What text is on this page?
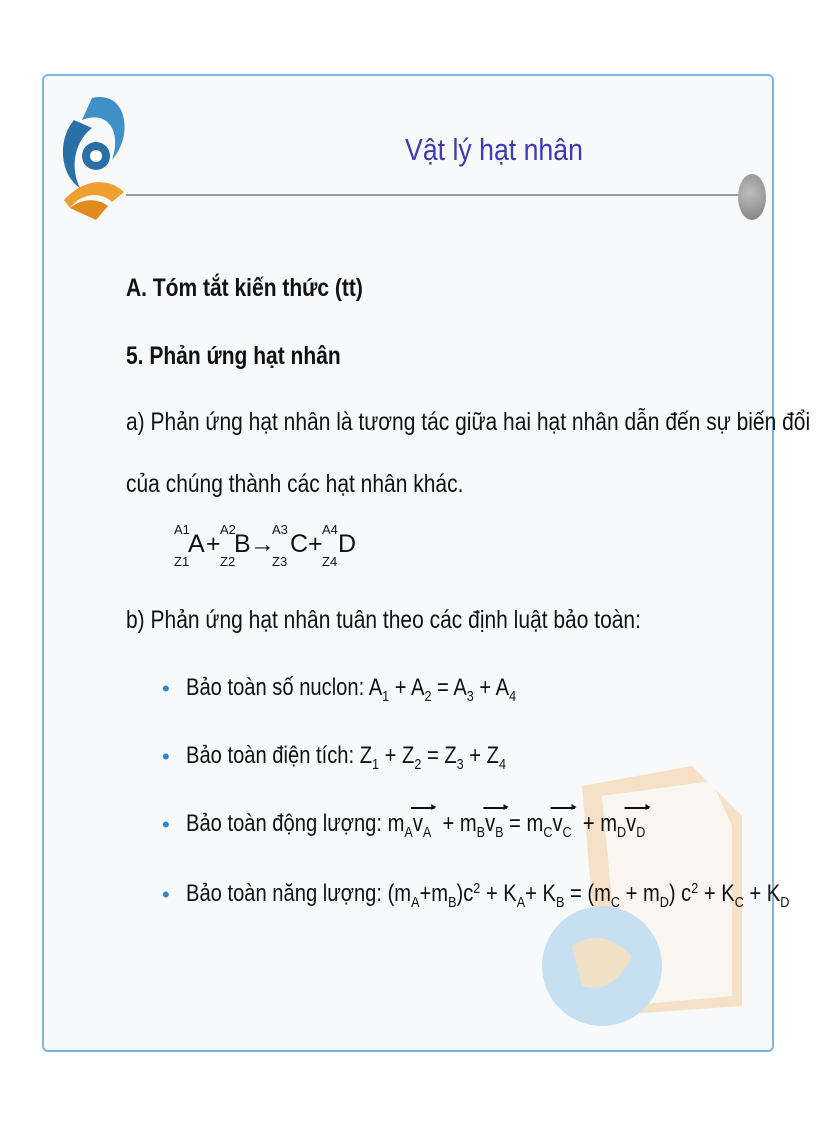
Vật lý hạt nhân
A. Tóm tắt kiến thức (tt)
5. Phản ứng hạt nhân
a) Phản ứng hạt nhân là tương tác giữa hai hạt nhân dẫn đến sự biến đổi
của chúng thành các hạt nhân khác.
A1
Z1
A +
A2
Z2
B →
A3
Z3
C +
A4
Z4
D
b) Phản ứng hạt nhân tuân theo các định luật bảo toàn:
• Bảo toàn số nuclon: $A_1 + A_2 = A_3 + A_4$
• Bảo toàn điện tích: $Z_1 + Z_2 = Z_3 + Z_4$
• Bảo toàn động lượng: $m_Av_A + m_Bv_B = m_Cv_C + m_Dv_D$
• Bảo toàn năng lượng: $(m_A+m_B)c^2 + K_A+ K_B = (m_C + m_D) c^2 + K_C + K_D$
